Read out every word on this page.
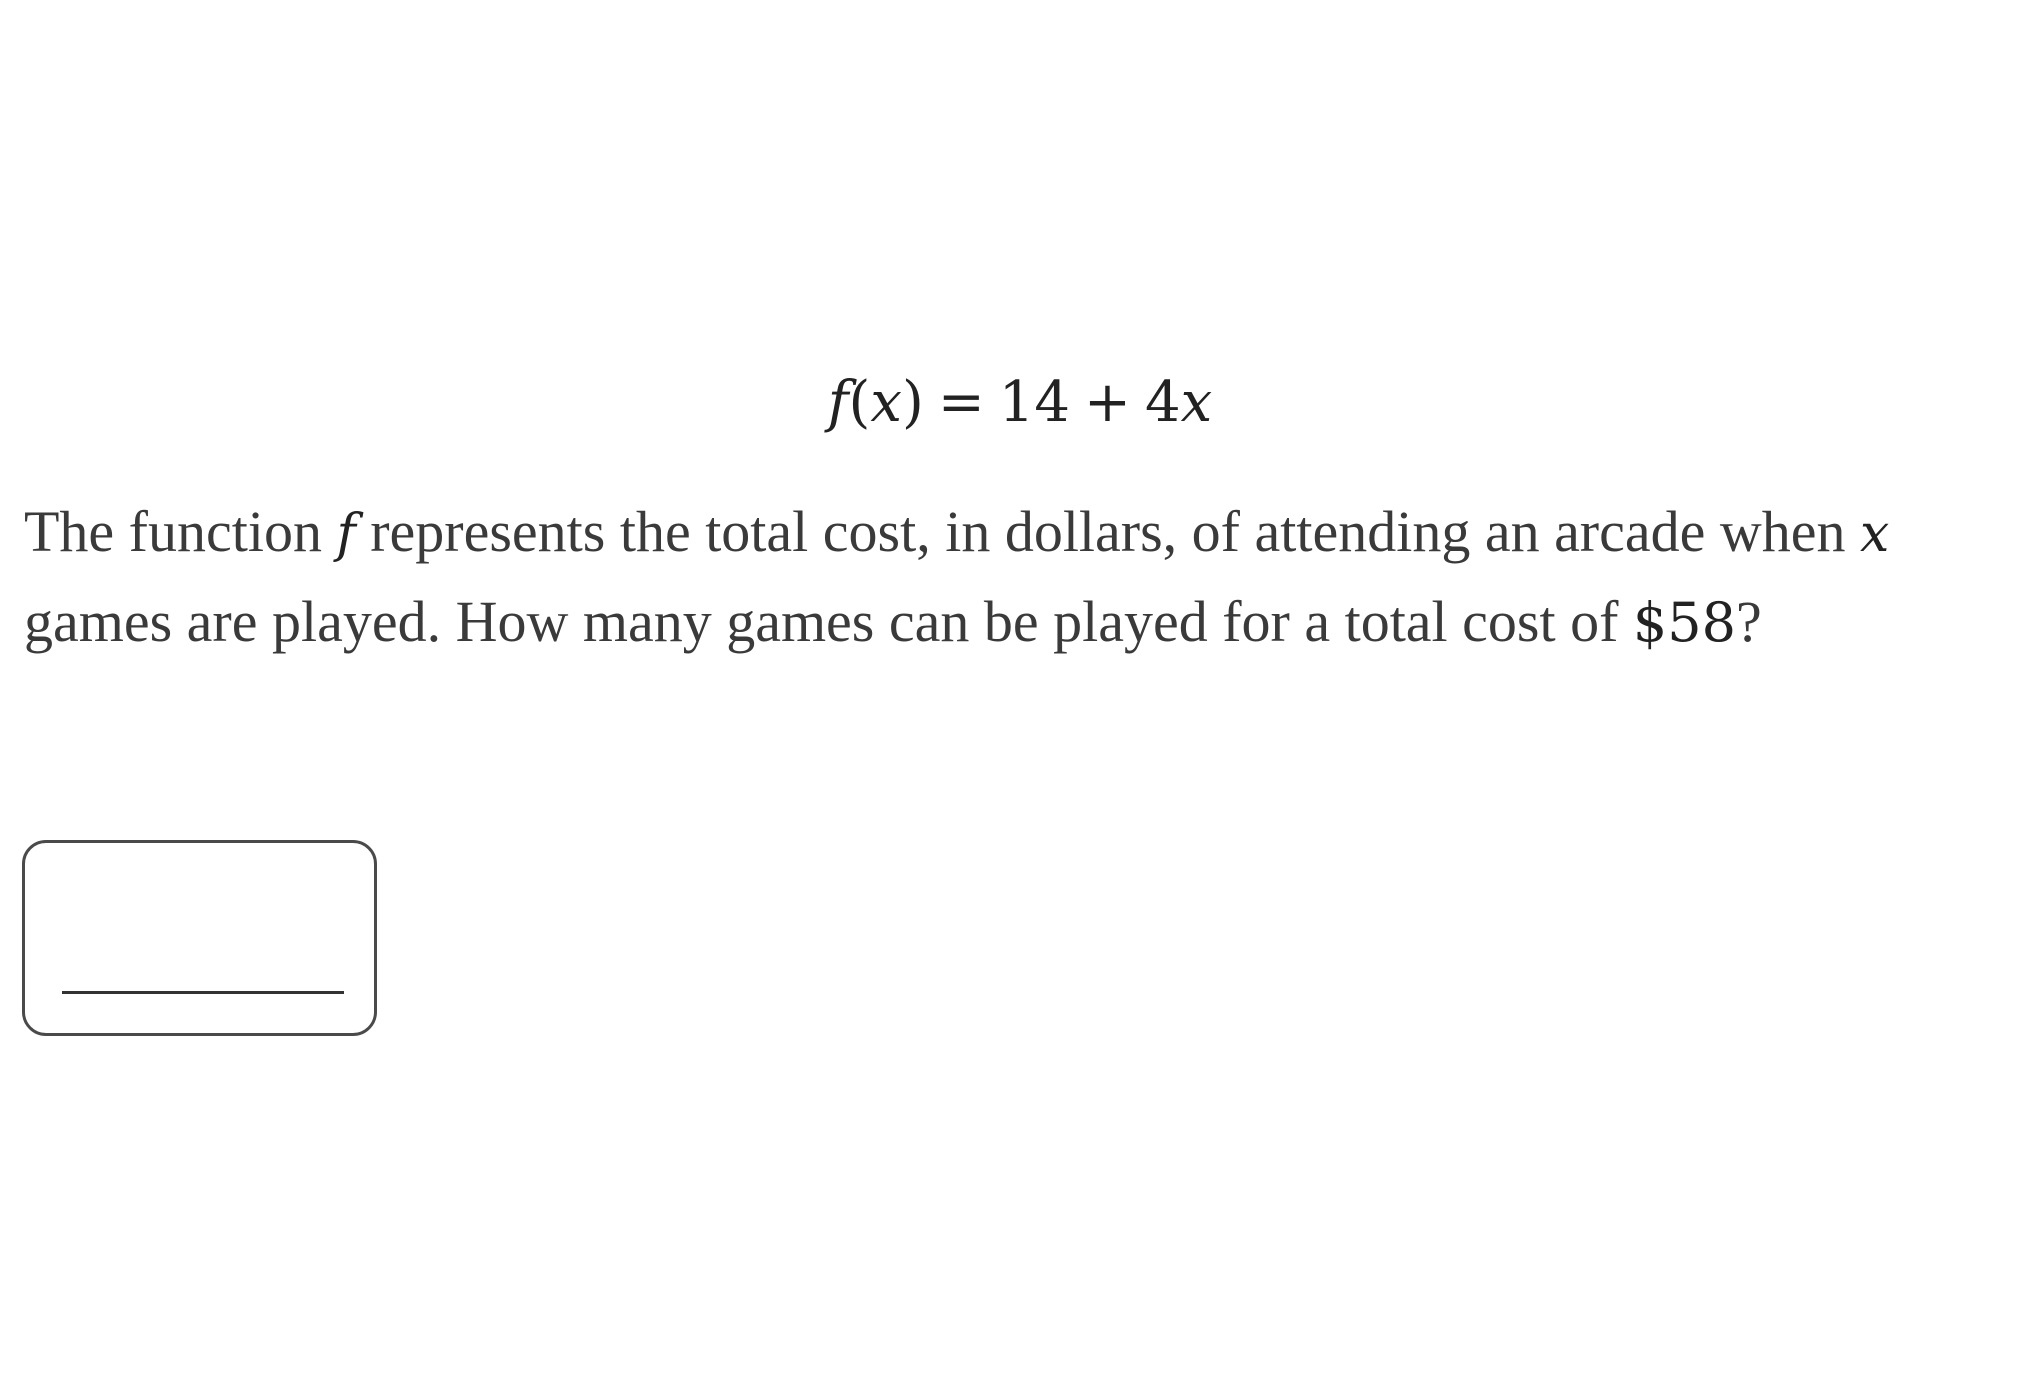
f(x) = 14 + 4x
The function f represents the total cost, in dollars, of attending an arcade when x games are played. How many games can be played for a total cost of $58?
